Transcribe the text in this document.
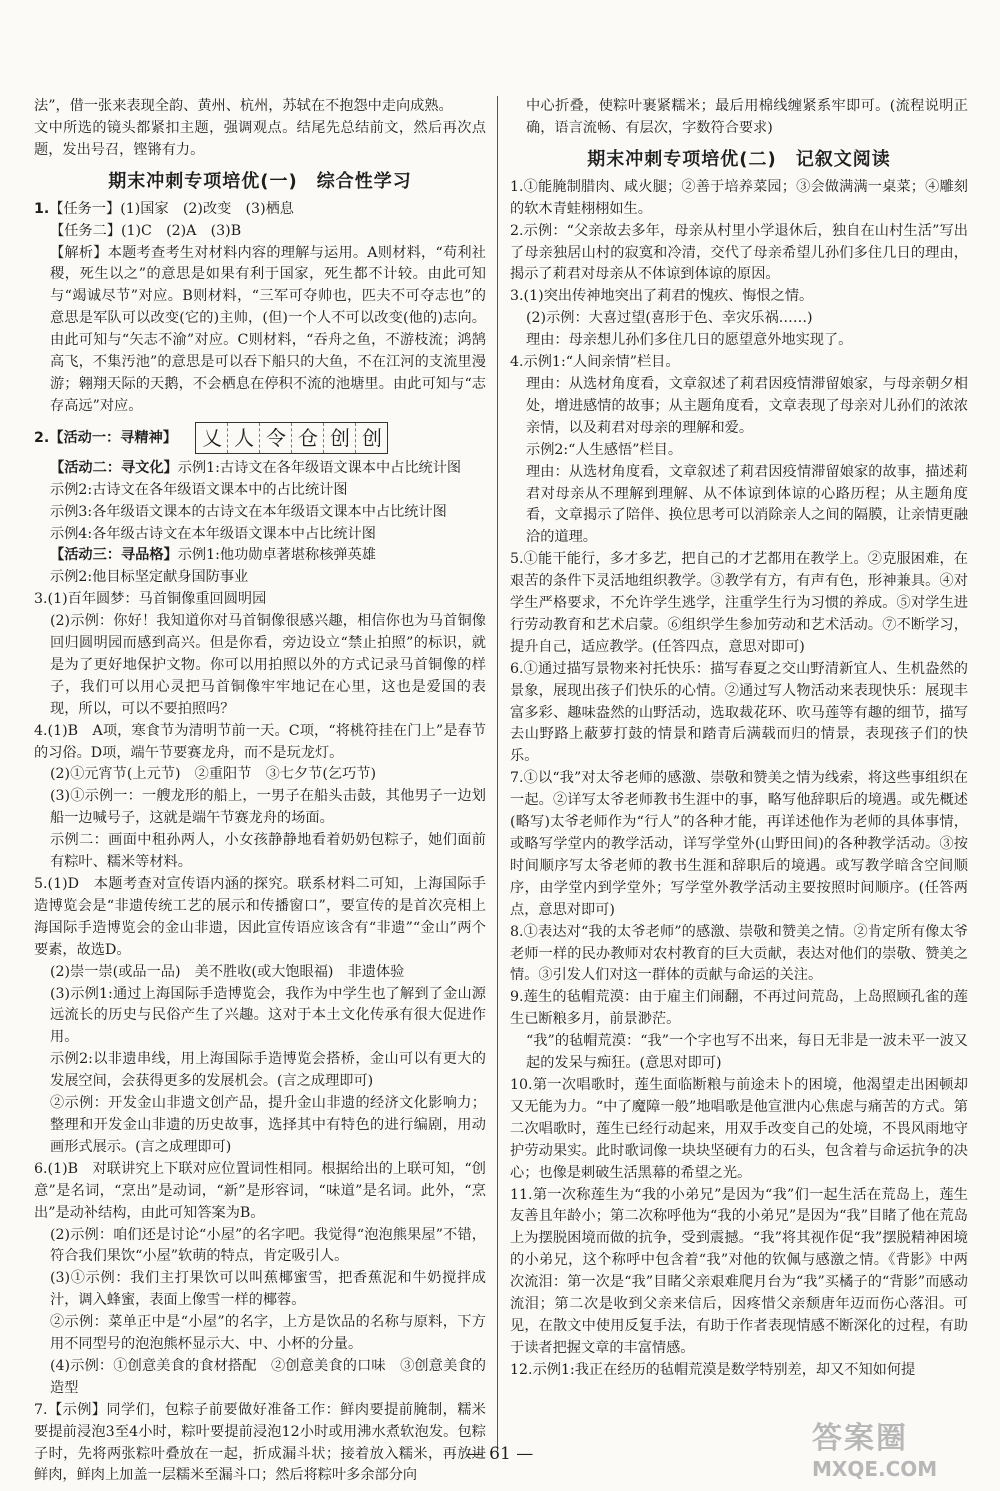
法”，借一张来表现全韵、黄州、杭州，苏轼在不抱怨中走向成熟。

文中所选的镜头都紧扣主题，强调观点。结尾先总结前文，然后再次点题，发出号召，铿锵有力。

期末冲刺专项培优(一)　综合性学习

1.【任务一】(1)国家　(2)改变　(3)栖息

【任务二】(1)C　(2)A　(3)B

【解析】本题考查考生对材料内容的理解与运用。A则材料，“苟利社稷，死生以之”的意思是如果有利于国家，死生都不计较。由此可知与“竭诚尽节”对应。B则材料，“三军可夺帅也，匹夫不可夺志也”的意思是军队可以改变(它的)主帅，(但)一个人不可以改变(他的)志向。由此可知与“矢志不渝”对应。C则材料，“吞舟之鱼，不游枝流；鸿鹄高飞，不集汚池”的意思是可以吞下船只的大鱼，不在江河的支流里漫游；翱翔天际的天鹅，不会栖息在停积不流的池塘里。由此可知与“志存高远”对应。

2.【活动一：寻精神】 乂 人 令 仓 创 创

【活动二：寻文化】示例1:古诗文在各年级语文课本中占比统计图

示例2:古诗文在各年级语文课本中的占比统计图

示例3:各年级语文课本的古诗文在本年级语文课本中占比统计图

示例4:各年级古诗文在本年级语文课本中占比统计图

【活动三：寻品格】示例1:他功勋卓著堪称核弹英雄

示例2:他目标坚定献身国防事业

3.(1)百年圆梦：马首铜像重回圆明园

(2)示例：你好！我知道你对马首铜像很感兴趣，相信你也为马首铜像回归圆明园而感到高兴。但是你看，旁边设立“禁止拍照”的标识，就是为了更好地保护文物。你可以用拍照以外的方式记录马首铜像的样子，我们可以用心灵把马首铜像牢牢地记在心里，这也是爱国的表现，所以，可以不要拍照吗？

4.(1)B　A项，寒食节为清明节前一天。C项，“将桃符挂在门上”是春节的习俗。D项，端午节要赛龙舟，而不是玩龙灯。

(2)①元宵节(上元节)　②重阳节　③七夕节(乞巧节)

(3)①示例一：一艘龙形的船上，一男子在船头击鼓，其他男子一边划船一边喊号子，这就是端午节赛龙舟的场面。

示例二：画面中租孙两人，小女孩静静地看着奶奶包粽子，她们面前有粽叶、糯米等材料。

5.(1)D　本题考查对宣传语内涵的探究。联系材料二可知，上海国际手造博览会是“非遗传统工艺的展示和传播窗口”，要宣传的是首次亮相上海国际手造博览会的金山非遗，因此宣传语应该含有“非遗”“金山”两个要素，故选D。

(2)崇一崇(或品一品)　美不胜收(或大饱眼福)　非遗体验

(3)示例1:通过上海国际手造博览会，我作为中学生也了解到了金山源远流长的历史与民俗产生了兴趣。这对于本土文化传承有很大促进作用。

示例2:以非遗串线，用上海国际手造博览会搭桥，金山可以有更大的发展空间，会获得更多的发展机会。(言之成理即可)

②示例：开发金山非遗文创产品，提升金山非遗的经济文化影响力；整理和开发金山非遗的历史故事，选择其中有特色的进行编剧，用动画形式展示。(言之成理即可)

6.(1)B　对联讲究上下联对应位置词性相同。根据给出的上联可知，“创意”是名词，“烹出”是动词，“新”是形容词，“味道”是名词。此外，“烹出”是动补结构，由此可知答案为B。

(2)示例：咱们还是讨论“小屋”的名字吧。我觉得“泡泡熊果屋”不错，符合我们果饮“小屋”软萌的特点，肯定吸引人。

(3)①示例：我们主打果饮可以叫蕉椰蜜雪，把香蕉泥和牛奶搅拌成汁，调入蜂蜜，表面上像雪一样的椰蓉。

②示例：菜单正中是“小屋”的名字，上方是饮品的名称与原料，下方用不同型号的泡泡熊杯显示大、中、小杯的分量。

(4)示例：①创意美食的食材搭配　②创意美食的口味　③创意美食的造型

7.【示例】同学们，包粽子前要做好准备工作：鲜肉要提前腌制，糯米要提前浸泡3至4小时，粽叶要提前浸泡12小时或用沸水煮软泡发。包粽子时，先将两张粽叶叠放在一起，折成漏斗状；接着放入糯米，再放进鲜肉，鲜肉上加盖一层糯米至漏斗口；然后将粽叶多余部分向

中心折叠，使粽叶裹紧糯米；最后用棉线缠紧系牢即可。(流程说明正确，语言流畅、有层次，字数符合要求)

期末冲刺专项培优(二)　记叙文阅读

1.①能腌制腊肉、咸火腿；②善于培养菜园；③会做满满一桌菜；④雕刻的软木青蛙栩栩如生。

2.示例：“父亲故去多年，母亲从村里小学退休后，独自在山村生活”写出了母亲独居山村的寂寞和冷清，交代了母亲希望儿孙们多住几日的理由，揭示了莉君对母亲从不体谅到体谅的原因。

3.(1)突出传神地突出了莉君的愧疚、悔恨之情。

(2)示例：大喜过望(喜形于色、幸灾乐祸……)

理由：母亲想儿孙们多住几日的愿望意外地实现了。

4.示例1:“人间亲情”栏目。

理由：从选材角度看，文章叙述了莉君因疫情滞留娘家，与母亲朝夕相处，增进感情的故事；从主题角度看，文章表现了母亲对儿孙们的浓浓亲情，以及莉君对母亲的理解和爱。

示例2:“人生感悟”栏目。

理由：从选材角度看，文章叙述了莉君因疫情滞留娘家的故事，描述莉君对母亲从不理解到理解、从不体谅到体谅的心路历程；从主题角度看，文章揭示了陪伴、换位思考可以消除亲人之间的隔膜，让亲情更融洽的道理。

5.①能干能行，多才多艺，把自己的才艺都用在教学上。②克服困难，在艰苦的条件下灵活地组织教学。③教学有方，有声有色，形神兼具。④对学生严格要求，不允许学生逃学，注重学生行为习惯的养成。⑤对学生进行劳动教育和艺术启蒙。⑥组织学生参加劳动和艺术活动。⑦不断学习，提升自己，适应教学。(任答四点，意思对即可)

6.①通过描写景物来衬托快乐：描写春夏之交山野清新宜人、生机盎然的景象，展现出孩子们快乐的心情。②通过写人物活动来表现快乐：展现丰富多彩、趣味盎然的山野活动，选取裁花环、吹马莲等有趣的细节，描写去山野路上蔽萝打鼓的情景和踏青后满载而归的情景，表现孩子们的快乐。

7.①以“我”对太爷老师的感激、崇敬和赞美之情为线索，将这些事组织在一起。②详写太爷老师教书生涯中的事，略写他辞职后的境遇。或先概述(略写)太爷老师作为“行人”的各种才能，再详述他作为老师的具体事情，或略写学堂内的教学活动，详写学堂外(山野田间)的各种教学活动。③按时间顺序写太爷老师的教书生涯和辞职后的境遇。或写教学暗含空间顺序，由学堂内到学堂外；写学堂外教学活动主要按照时间顺序。(任答两点，意思对即可)

8.①表达对“我的太爷老师”的感激、崇敬和赞美之情。②肯定所有像太爷老师一样的民办教师对农村教育的巨大贡献，表达对他们的崇敬、赞美之情。③引发人们对这一群体的贡献与命运的关注。

9.莲生的毡帽荒漠：由于雇主们闹翻，不再过问荒岛，上岛照顾孔雀的莲生已断粮多月，前景渺茫。

“我”的毡帽荒漠：“我”一个字也写不出来，每日无非是一波未平一波又起的发呆与痴狂。(意思对即可)

10.第一次唱歌时，莲生面临断粮与前途未卜的困境，他渴望走出困顿却又无能为力。“中了魔障一般”地唱歌是他宣泄内心焦虑与痛苦的方式。第二次唱歌时，莲生已经行动起来，用双手改变自己的处境，不畏风雨地守护劳动果实。此时歌词像一块块坚硬有力的石头，包含着与命运抗争的决心；也像是刺破生活黑幕的希望之光。

11.第一次称莲生为“我的小弟兄”是因为“我”们一起生活在荒岛上，莲生友善且年龄小；第二次称呼他为“我的小弟兄”是因为“我”目睹了他在荒岛上为摆脱困境而做的抗争，受到震撼。“我”将其视作促“我”摆脱精神困境的小弟兄，这个称呼中包含着“我”对他的钦佩与感激之情。《背影》中两次流泪：第一次是“我”目睹父亲艰难爬月台为“我”买橘子的“背影”而感动流泪；第二次是收到父亲来信后，因疼惜父亲颓唐年迈而伤心落泪。可见，在散文中使用反复手法，有助于作者表现情感不断深化的过程，有助于读者把握文章的丰富情感。

12.示例1:我正在经历的毡帽荒漠是数学特别差，却又不知如何提

— 61 —	答案圈
MXQE.COM
